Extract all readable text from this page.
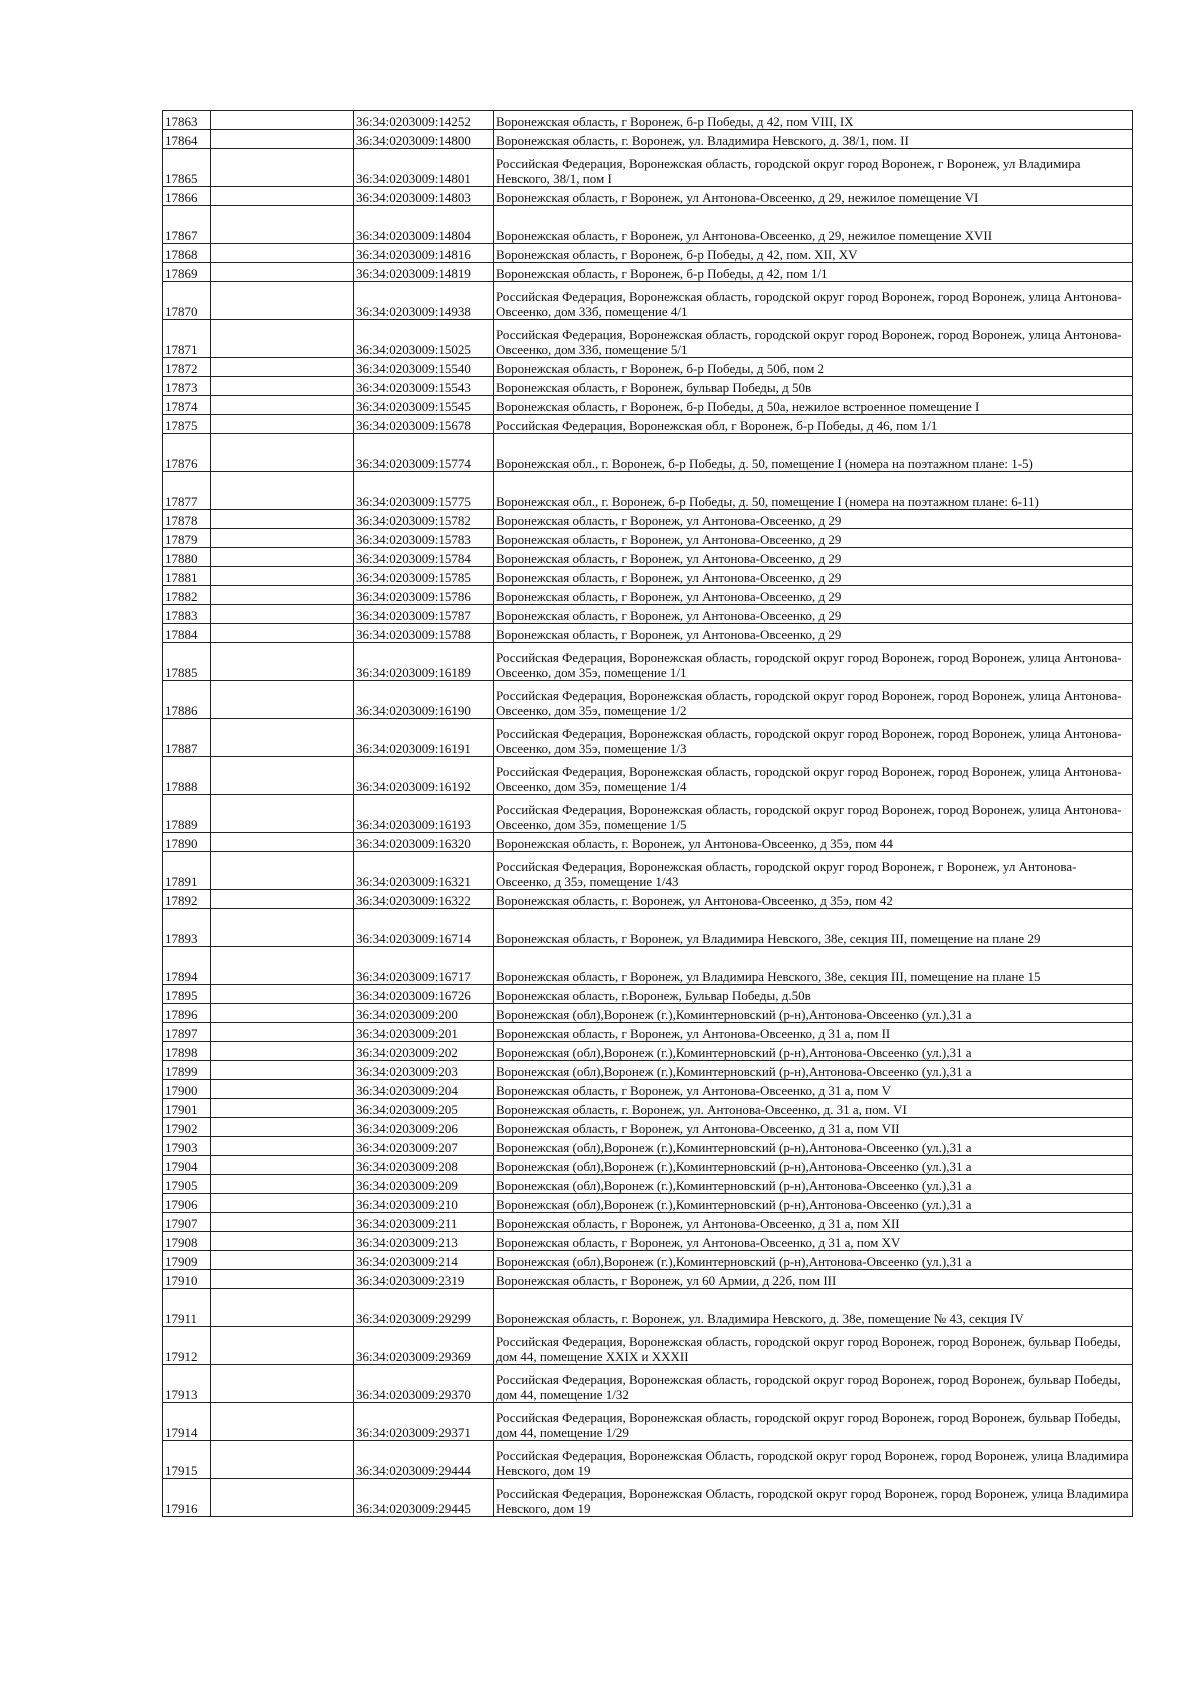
17863		36:34:0203009:14252	Воронежская область, г Воронеж, б-р Победы, д 42, пом VIII, IX
17864		36:34:0203009:14800	Воронежская область, г. Воронеж, ул. Владимира Невского, д. 38/1, пом. II
17865		36:34:0203009:14801	Российская Федерация, Воронежская область, городской округ город Воронеж, г Воронеж, ул Владимира Невского, 38/1, пом I
17866		36:34:0203009:14803	Воронежская область, г Воронеж, ул Антонова-Овсеенко, д 29, нежилое помещение VI
17867		36:34:0203009:14804	Воронежская область, г Воронеж, ул Антонова-Овсеенко, д 29, нежилое помещение XVII
17868		36:34:0203009:14816	Воронежская область, г Воронеж, б-р Победы, д 42, пом. XII, XV
17869		36:34:0203009:14819	Воронежская область, г Воронеж, б-р Победы, д 42, пом 1/1
17870		36:34:0203009:14938	Российская Федерация, Воронежская область, городской округ город Воронеж, город Воронеж, улица Антонова-Овсеенко, дом 33б, помещение 4/1
17871		36:34:0203009:15025	Российская Федерация, Воронежская область, городской округ город Воронеж, город Воронеж, улица Антонова-Овсеенко, дом 33б, помещение 5/1
17872		36:34:0203009:15540	Воронежская область, г Воронеж, б-р Победы, д 50б, пом 2
17873		36:34:0203009:15543	Воронежская область, г Воронеж, бульвар Победы, д 50в
17874		36:34:0203009:15545	Воронежская область, г Воронеж, б-р Победы, д 50а, нежилое встроенное помещение I
17875		36:34:0203009:15678	Российская Федерация, Воронежская обл, г Воронеж, б-р Победы, д 46, пом 1/1
17876		36:34:0203009:15774	Воронежская обл., г. Воронеж, б-р Победы, д. 50, помещение I (номера на поэтажном плане: 1-5)
17877		36:34:0203009:15775	Воронежская обл., г. Воронеж, б-р Победы, д. 50, помещение I (номера на поэтажном плане: 6-11)
17878		36:34:0203009:15782	Воронежская область, г Воронеж, ул Антонова-Овсеенко, д 29
17879		36:34:0203009:15783	Воронежская область, г Воронеж, ул Антонова-Овсеенко, д 29
17880		36:34:0203009:15784	Воронежская область, г Воронеж, ул Антонова-Овсеенко, д 29
17881		36:34:0203009:15785	Воронежская область, г Воронеж, ул Антонова-Овсеенко, д 29
17882		36:34:0203009:15786	Воронежская область, г Воронеж, ул Антонова-Овсеенко, д 29
17883		36:34:0203009:15787	Воронежская область, г Воронеж, ул Антонова-Овсеенко, д 29
17884		36:34:0203009:15788	Воронежская область, г Воронеж, ул Антонова-Овсеенко, д 29
17885		36:34:0203009:16189	Российская Федерация, Воронежская область, городской округ город Воронеж, город Воронеж, улица Антонова-Овсеенко, дом 35э, помещение 1/1
17886		36:34:0203009:16190	Российская Федерация, Воронежская область, городской округ город Воронеж, город Воронеж, улица Антонова-Овсеенко, дом 35э, помещение 1/2
17887		36:34:0203009:16191	Российская Федерация, Воронежская область, городской округ город Воронеж, город Воронеж, улица Антонова-Овсеенко, дом 35э, помещение 1/3
17888		36:34:0203009:16192	Российская Федерация, Воронежская область, городской округ город Воронеж, город Воронеж, улица Антонова-Овсеенко, дом 35э, помещение 1/4
17889		36:34:0203009:16193	Российская Федерация, Воронежская область, городской округ город Воронеж, город Воронеж, улица Антонова-Овсеенко, дом 35э, помещение 1/5
17890		36:34:0203009:16320	Воронежская область, г. Воронеж, ул Антонова-Овсеенко, д 35э, пом 44
17891		36:34:0203009:16321	Российская Федерация, Воронежская область, городской округ город Воронеж, г Воронеж, ул Антонова-Овсеенко, д 35э, помещение 1/43
17892		36:34:0203009:16322	Воронежская область, г. Воронеж, ул Антонова-Овсеенко, д 35э, пом 42
17893		36:34:0203009:16714	Воронежская область, г Воронеж, ул Владимира Невского, 38е, секция III, помещение на плане 29
17894		36:34:0203009:16717	Воронежская область, г Воронеж, ул Владимира Невского, 38е, секция III, помещение на плане 15
17895		36:34:0203009:16726	Воронежская область, г.Воронеж, Бульвар Победы, д.50в
17896		36:34:0203009:200	Воронежская (обл),Воронеж (г.),Коминтерновский (р-н),Антонова-Овсеенко (ул.),31 а
17897		36:34:0203009:201	Воронежская область, г Воронеж, ул Антонова-Овсеенко, д 31 а, пом II
17898		36:34:0203009:202	Воронежская (обл),Воронеж (г.),Коминтерновский (р-н),Антонова-Овсеенко (ул.),31 а
17899		36:34:0203009:203	Воронежская (обл),Воронеж (г.),Коминтерновский (р-н),Антонова-Овсеенко (ул.),31 а
17900		36:34:0203009:204	Воронежская область, г Воронеж, ул Антонова-Овсеенко, д 31 а, пом V
17901		36:34:0203009:205	Воронежская область, г. Воронеж, ул. Антонова-Овсеенко, д. 31 а, пом. VI
17902		36:34:0203009:206	Воронежская область, г Воронеж, ул Антонова-Овсеенко, д 31 а, пом VII
17903		36:34:0203009:207	Воронежская (обл),Воронеж (г.),Коминтерновский (р-н),Антонова-Овсеенко (ул.),31 а
17904		36:34:0203009:208	Воронежская (обл),Воронеж (г.),Коминтерновский (р-н),Антонова-Овсеенко (ул.),31 а
17905		36:34:0203009:209	Воронежская (обл),Воронеж (г.),Коминтерновский (р-н),Антонова-Овсеенко (ул.),31 а
17906		36:34:0203009:210	Воронежская (обл),Воронеж (г.),Коминтерновский (р-н),Антонова-Овсеенко (ул.),31 а
17907		36:34:0203009:211	Воронежская область, г Воронеж, ул Антонова-Овсеенко, д 31 а, пом XII
17908		36:34:0203009:213	Воронежская область, г Воронеж, ул Антонова-Овсеенко, д 31 а, пом XV
17909		36:34:0203009:214	Воронежская (обл),Воронеж (г.),Коминтерновский (р-н),Антонова-Овсеенко (ул.),31 а
17910		36:34:0203009:2319	Воронежская область, г Воронеж, ул 60 Армии, д 22б, пом III
17911		36:34:0203009:29299	Воронежская область, г. Воронеж, ул. Владимира Невского, д. 38е, помещение № 43, секция IV
17912		36:34:0203009:29369	Российская Федерация, Воронежская область, городской округ город Воронеж, город Воронеж, бульвар Победы, дом 44, помещение XXIX и XXXII
17913		36:34:0203009:29370	Российская Федерация, Воронежская область, городской округ город Воронеж, город Воронеж, бульвар Победы, дом 44, помещение 1/32
17914		36:34:0203009:29371	Российская Федерация, Воронежская область, городской округ город Воронеж, город Воронеж, бульвар Победы, дом 44, помещение 1/29
17915		36:34:0203009:29444	Российская Федерация, Воронежская Область, городской округ город Воронеж, город Воронеж, улица Владимира Невского, дом 19
17916		36:34:0203009:29445	Российская Федерация, Воронежская Область, городской округ город Воронеж, город Воронеж, улица Владимира Невского, дом 19
